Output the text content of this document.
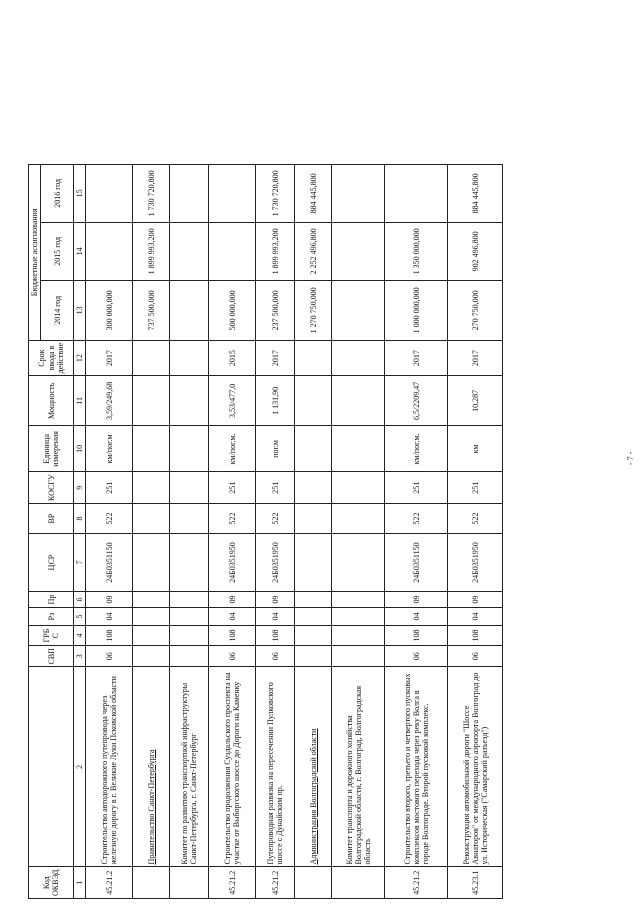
Код ОКВЭД		СВП	ГРБ С	Рз	Пр	ЦСР	ВР	КОСГУ	Единица измерения	Мощность	Срок ввода в действие	Бюджетные ассигнования		
												2014 год	2015 год	2016 год
1	2	3	4	5	6	7	8	9	10	11	12	13	14	15
45.21.2	Строительство автодорожного путепровода через железную дорогу в г. Великие Луки Псковской области	06	108	04	09	24Б0351150	522	251	км/пог.м	3,59/249,68	2017	300 000,000		
	Правительство Санкт-Петербурга											737 500,000	1 899 993,200	1 730 720,800
	Комитет по развитию транспортной инфраструктуры Санкт-Петербурга, г. Санкт-Петербург													
45.21.2	Строительство продолжения Суздальского проспекта на участке от Выборгского шоссе до Дороги на Каменку	06	108	04	09	24Б0351950	522	251	км/пог.м.	3,53/477,0	2015	500 000,000		
45.21.2	Путепроводная развязка на пересечении Пулковского шоссе с Дунайским пр.	06	108	04	09	24Б0351950	522	251	пог.м	1 131,90	2017	237 500,000	1 899 993,200	1 730 720,800
	Администрация Волгоградской области											1 270 750,000	2 252 496,800	884 445,800
	Комитет транспорта и дорожного хозяйства Волгоградской области, г. Волгоград, Волгоградская область													
45.21.2	Строительство второго, третьего и четвертого пусковых комплексов мостового перехода через реку Волга в городе Волгограде. Второй пусковой комплекс.	06	108	04	09	24Б0351150	522	251	км/пог.м.	6,5/2209,47	2017	1 000 000,000	1 350 000,000	
45.23.1	Реконструкция автомобильной дороги "Шоссе Авиаторов" от международного аэропорта Волгоград до ул. Историческая ("Самарский разъезд")	06	108	04	09	24Б0351950	522	251	км	10,287	2017	270 750,000	902 496,800	884 445,800
- 7 -
